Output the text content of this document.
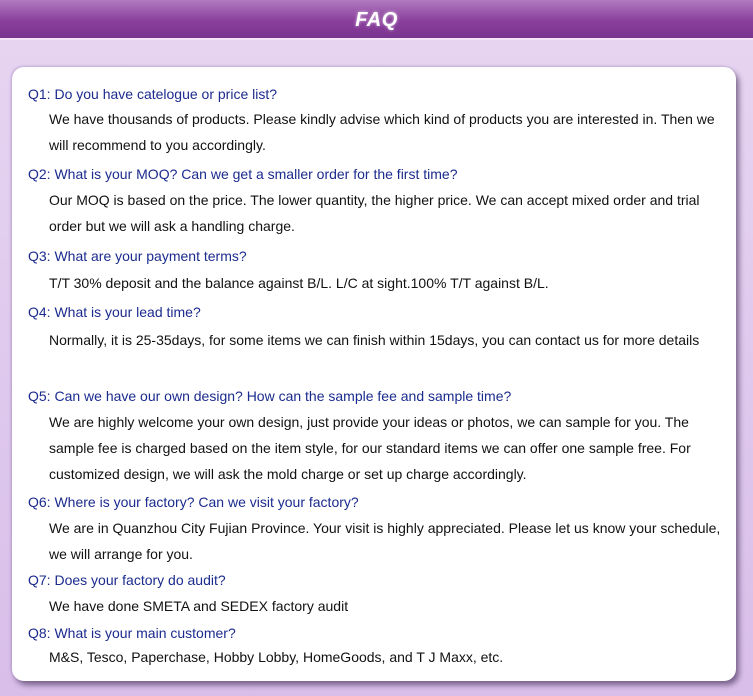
FAQ
Q1: Do you have catelogue or price list?
We have thousands of products. Please kindly advise which kind of products you are interested in. Then we will recommend to you accordingly.
Q2: What is your MOQ? Can we get a smaller order for the first time?
Our MOQ is based on the price. The lower quantity, the higher price. We can accept mixed order and trial order but we will ask a handling charge.
Q3: What are your payment terms?
T/T 30% deposit and the balance against B/L. L/C at sight.100% T/T against B/L.
Q4: What is your lead time?
Normally, it is 25-35days, for some items we can finish within 15days, you can contact us for more details
Q5: Can we have our own design? How can the sample fee and sample time?
We are highly welcome your own design, just provide your ideas or photos, we can sample for you. The sample fee is charged based on the item style, for our standard items we can offer one sample free. For customized design, we will ask the mold charge or set up charge accordingly.
Q6: Where is your factory? Can we visit your factory?
We are in Quanzhou City Fujian Province. Your visit is highly appreciated. Please let us know your schedule, we will arrange for you.
Q7: Does your factory do audit?
We have done SMETA and SEDEX factory audit
Q8: What is your main customer?
M&S, Tesco, Paperchase, Hobby Lobby, HomeGoods, and T J Maxx, etc.
